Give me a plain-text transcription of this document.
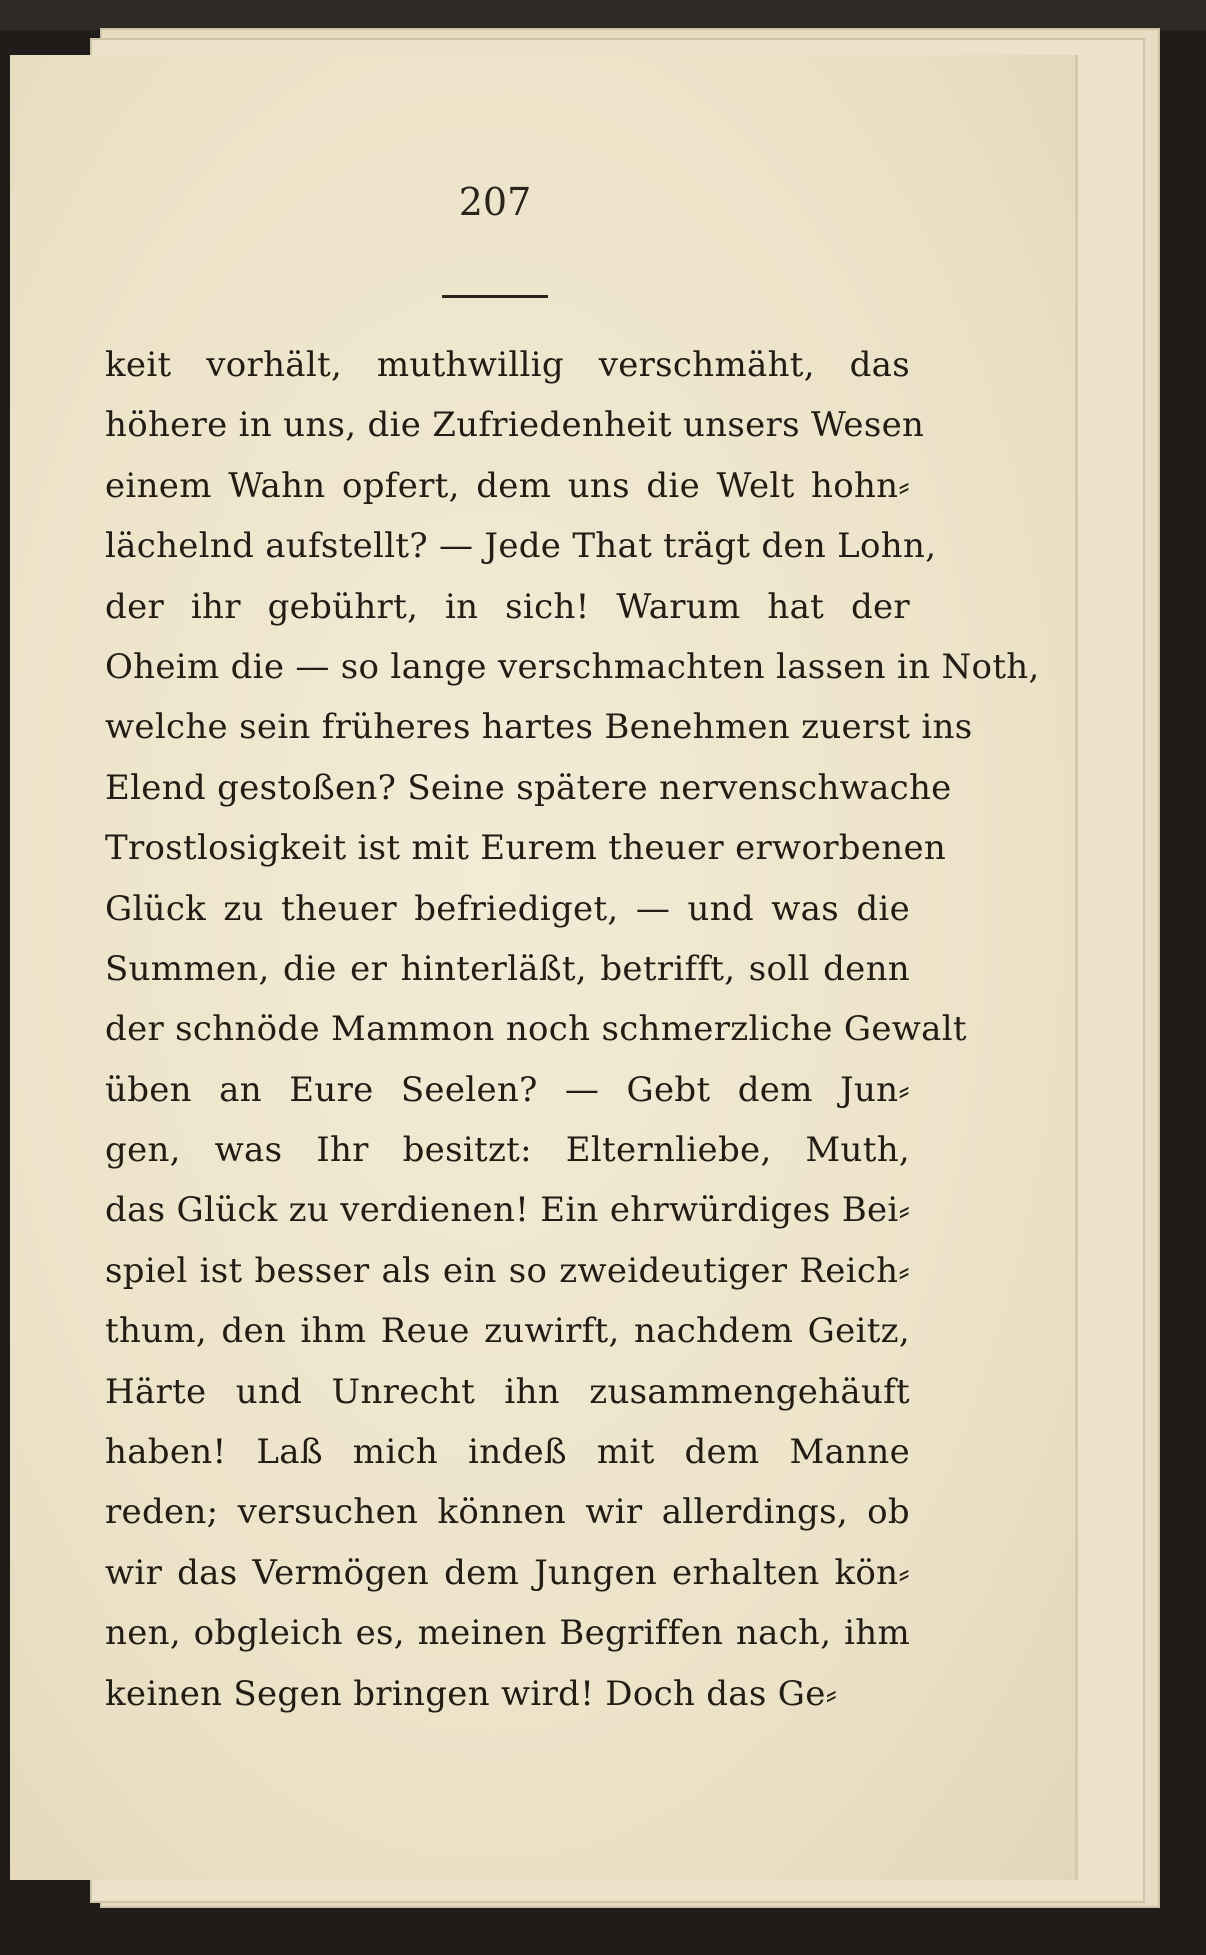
207
keit vorhält, muthwillig verschmäht, das
höhere in uns, die Zufriedenheit unsers Wesen
einem Wahn opfert, dem uns die Welt hohn⸗
lächelnd aufstellt? — Jede That trägt den Lohn,
der ihr gebührt, in sich! Warum hat der
Oheim die — so lange verschmachten lassen in Noth,
welche sein früheres hartes Benehmen zuerst ins
Elend gestoßen? Seine spätere nervenschwache
Trostlosigkeit ist mit Eurem theuer erworbenen
Glück zu theuer befriediget, — und was die
Summen, die er hinterläßt, betrifft, soll denn
der schnöde Mammon noch schmerzliche Gewalt
üben an Eure Seelen? — Gebt dem Jun⸗
gen, was Ihr besitzt: Elternliebe, Muth,
das Glück zu verdienen! Ein ehrwürdiges Bei⸗
spiel ist besser als ein so zweideutiger Reich⸗
thum, den ihm Reue zuwirft, nachdem Geitz,
Härte und Unrecht ihn zusammengehäuft
haben! Laß mich indeß mit dem Manne
reden; versuchen können wir allerdings, ob
wir das Vermögen dem Jungen erhalten kön⸗
nen, obgleich es, meinen Begriffen nach, ihm
keinen Segen bringen wird! Doch das Ge⸗
